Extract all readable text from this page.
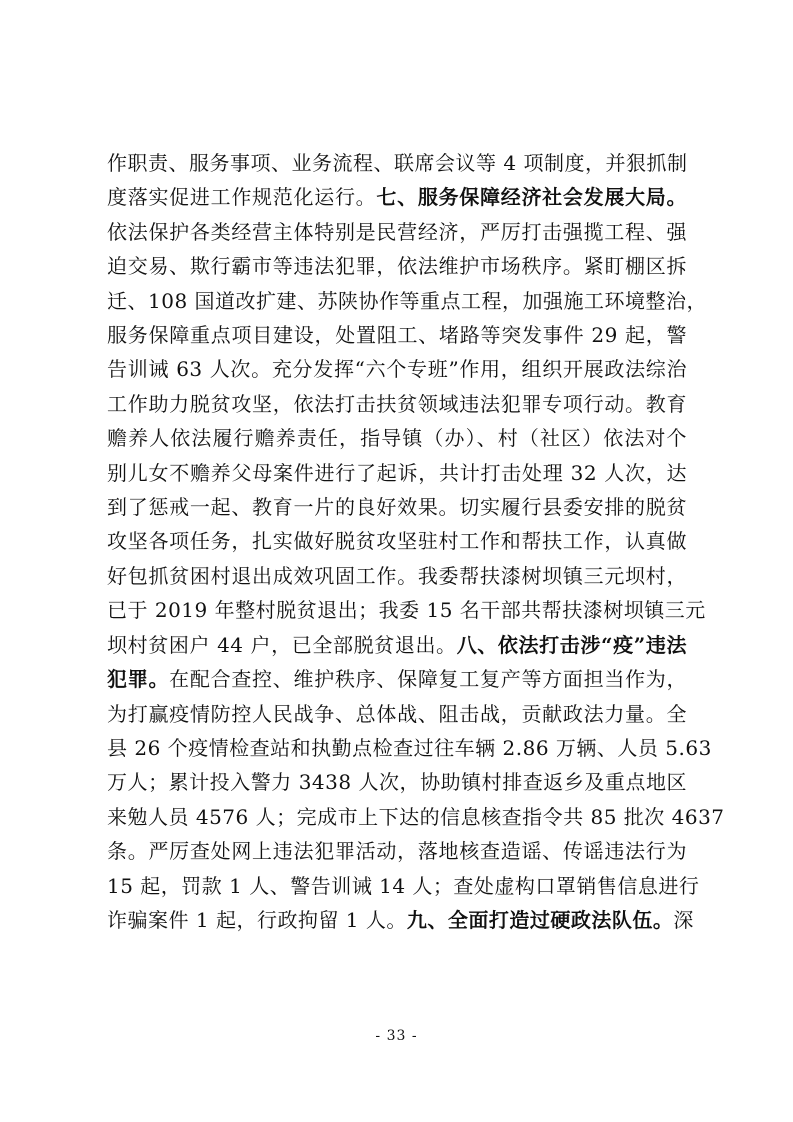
作职责、服务事项、业务流程、联席会议等 4 项制度，并狠抓制
度落实促进工作规范化运行。七、服务保障经济社会发展大局。
依法保护各类经营主体特别是民营经济，严厉打击强揽工程、强
迫交易、欺行霸市等违法犯罪，依法维护市场秩序。紧盯棚区拆
迁、108 国道改扩建、苏陕协作等重点工程，加强施工环境整治，
服务保障重点项目建设，处置阻工、堵路等突发事件 29 起，警
告训诫 63 人次。充分发挥“六个专班”作用，组织开展政法综治
工作助力脱贫攻坚，依法打击扶贫领域违法犯罪专项行动。教育
赡养人依法履行赡养责任，指导镇（办）、村（社区）依法对个
别儿女不赡养父母案件进行了起诉，共计打击处理 32 人次，达
到了惩戒一起、教育一片的良好效果。切实履行县委安排的脱贫
攻坚各项任务，扎实做好脱贫攻坚驻村工作和帮扶工作，认真做
好包抓贫困村退出成效巩固工作。我委帮扶漆树坝镇三元坝村，
已于 2019 年整村脱贫退出；我委 15 名干部共帮扶漆树坝镇三元
坝村贫困户 44 户，已全部脱贫退出。八、依法打击涉“疫”违法
犯罪。在配合查控、维护秩序、保障复工复产等方面担当作为，
为打赢疫情防控人民战争、总体战、阻击战，贡献政法力量。全
县 26 个疫情检查站和执勤点检查过往车辆 2.86 万辆、人员 5.63
万人；累计投入警力 3438 人次，协助镇村排查返乡及重点地区
来勉人员 4576 人；完成市上下达的信息核查指令共 85 批次 4637
条。严厉查处网上违法犯罪活动，落地核查造谣、传谣违法行为
15 起，罚款 1 人、警告训诫 14 人；查处虚构口罩销售信息进行
诈骗案件 1 起，行政拘留 1 人。九、全面打造过硬政法队伍。深
- 33 -
